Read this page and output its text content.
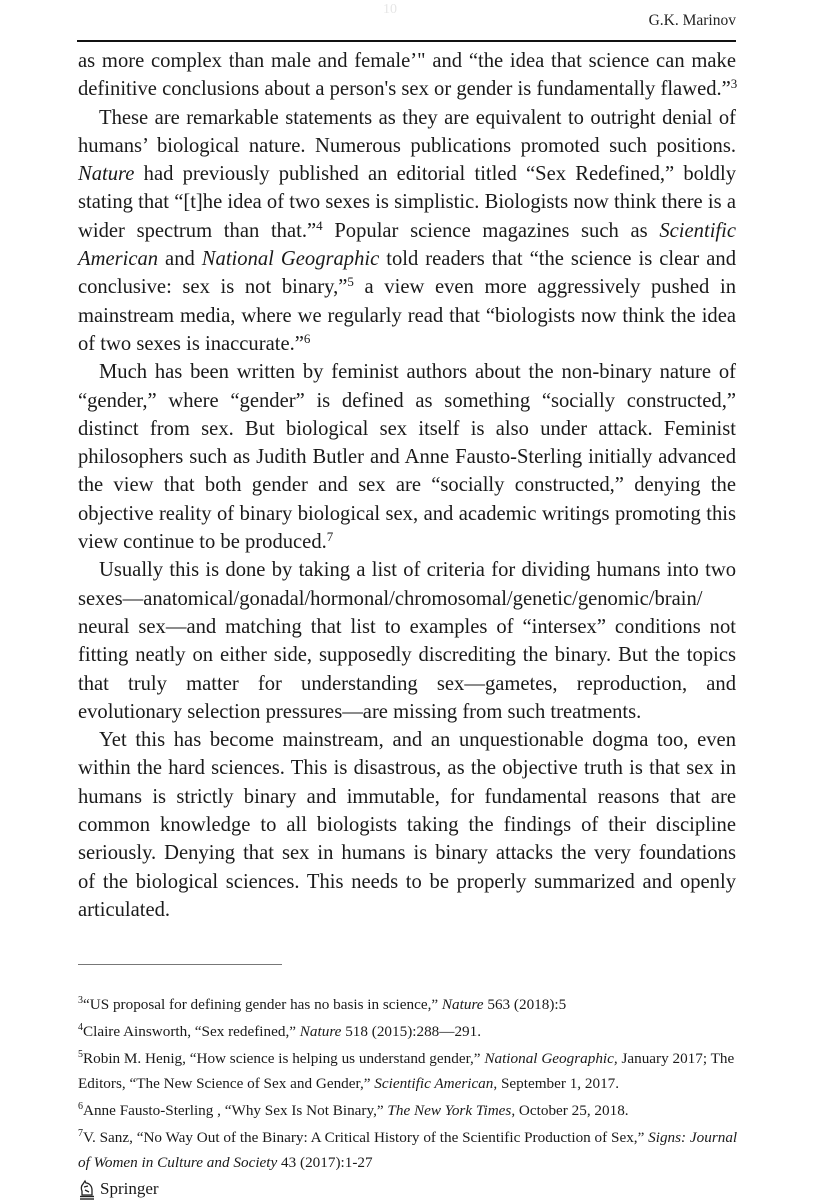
10
G.K. Marinov
as more complex than male and female’" and “the idea that science can make
definitive conclusions about a person's sex or gender is fundamentally flawed.”$^3$
These are remarkable statements as they are equivalent to outright denial of
humans’ biological nature. Numerous publications promoted such positions.
Nature had previously published an editorial titled “Sex Redefined,” boldly
stating that “[t]he idea of two sexes is simplistic. Biologists now think there is a
wider spectrum than that.”$^4$ Popular science magazines such as Scientific
American and National Geographic told readers that “the science is clear and
conclusive: sex is not binary,”$^5$ a view even more aggressively pushed in
mainstream media, where we regularly read that “biologists now think the idea
of two sexes is inaccurate.”$^6$
Much has been written by feminist authors about the non-binary nature of
“gender,” where “gender” is defined as something “socially constructed,”
distinct from sex. But biological sex itself is also under attack. Feminist
philosophers such as Judith Butler and Anne Fausto-Sterling initially advanced
the view that both gender and sex are “socially constructed,” denying the
objective reality of binary biological sex, and academic writings promoting this
view continue to be produced.$^7$
Usually this is done by taking a list of criteria for dividing humans into two
sexes—anatomical/gonadal/hormonal/chromosomal/genetic/genomic/brain/
neural sex—and matching that list to examples of “intersex” conditions not
fitting neatly on either side, supposedly discrediting the binary. But the topics
that truly matter for understanding sex—gametes, reproduction, and
evolutionary selection pressures—are missing from such treatments.
Yet this has become mainstream, and an unquestionable dogma too, even
within the hard sciences. This is disastrous, as the objective truth is that sex in
humans is strictly binary and immutable, for fundamental reasons that are
common knowledge to all biologists taking the findings of their discipline
seriously. Denying that sex in humans is binary attacks the very foundations
of the biological sciences. This needs to be properly summarized and openly
articulated.
$^3$“US proposal for defining gender has no basis in science,” Nature 563 (2018):5
$^4$Claire Ainsworth, “Sex redefined,” Nature 518 (2015):288—291.
$^5$Robin M. Henig, “How science is helping us understand gender,” National Geographic, January 2017; The Editors, “The New Science of Sex and Gender,” Scientific American, September 1, 2017.
$^6$Anne Fausto-Sterling , “Why Sex Is Not Binary,” The New York Times, October 25, 2018.
$^7$V. Sanz, “No Way Out of the Binary: A Critical History of the Scientific Production of Sex,” Signs: Journal of Women in Culture and Society 43 (2017):1-27
Springer
